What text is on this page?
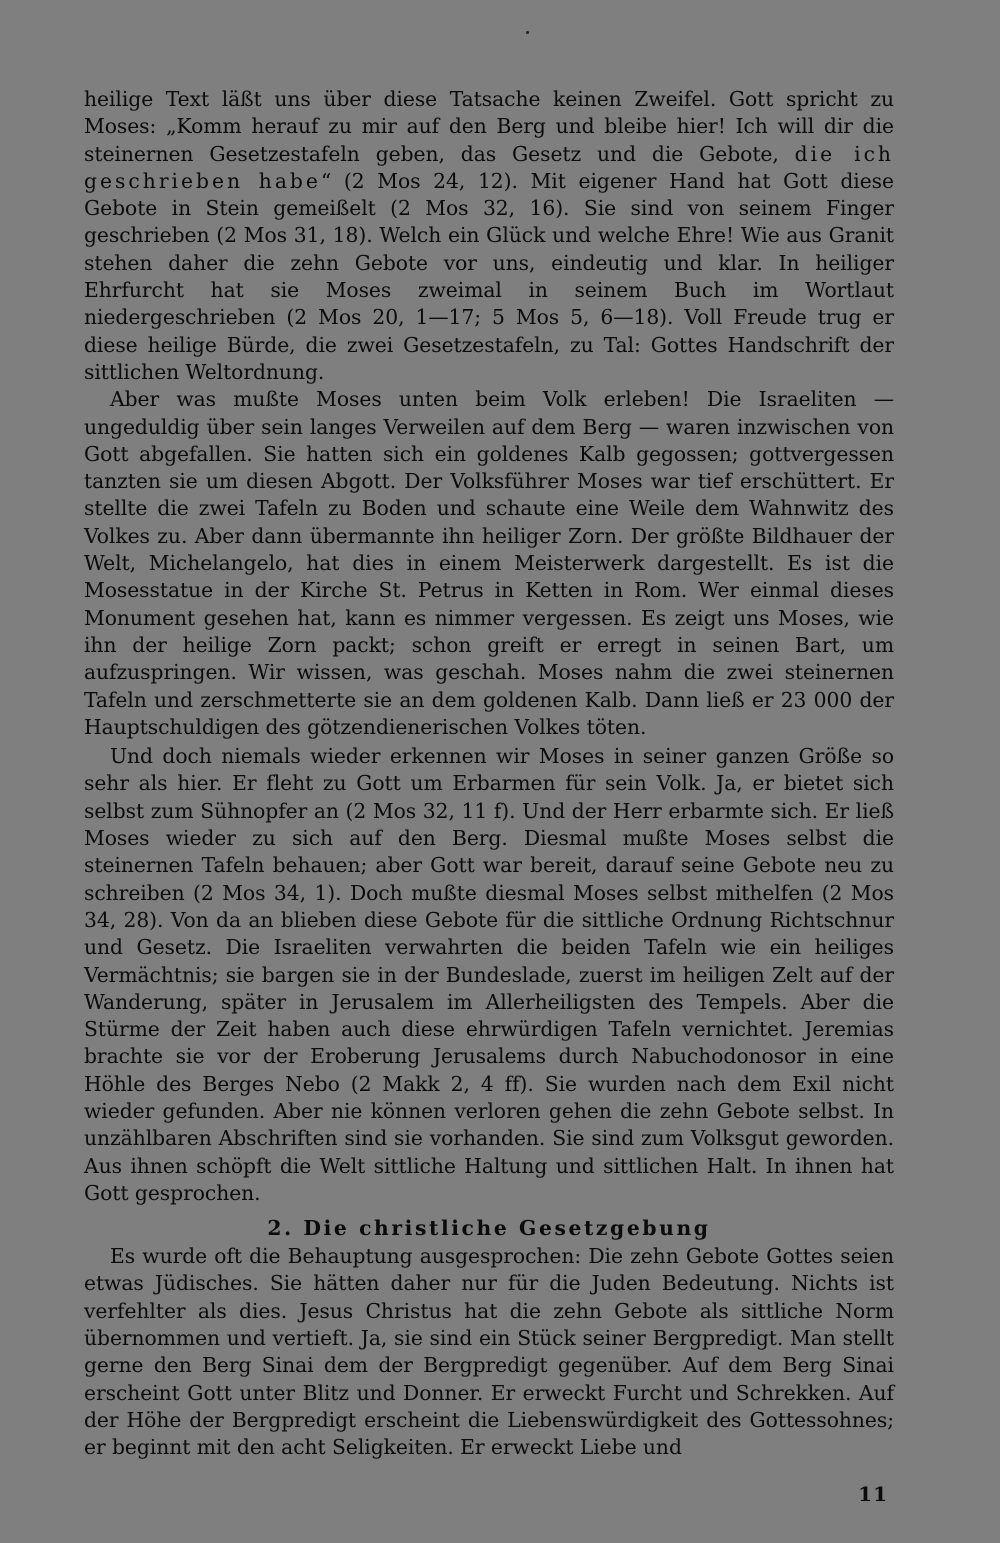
heilige Text läßt uns über diese Tatsache keinen Zweifel. Gott spricht zu Moses: „Komm herauf zu mir auf den Berg und bleibe hier! Ich will dir die steinernen Gesetzestafeln geben, das Gesetz und die Gebote, die ich geschrieben habe“ (2 Mos 24, 12). Mit eigener Hand hat Gott diese Gebote in Stein gemeißelt (2 Mos 32, 16). Sie sind von seinem Finger geschrieben (2 Mos 31, 18). Welch ein Glück und welche Ehre! Wie aus Granit stehen daher die zehn Gebote vor uns, eindeutig und klar. In heiliger Ehrfurcht hat sie Moses zweimal in seinem Buch im Wortlaut niedergeschrieben (2 Mos 20, 1—17; 5 Mos 5, 6—18). Voll Freude trug er diese heilige Bürde, die zwei Gesetzestafeln, zu Tal: Gottes Handschrift der sittlichen Weltordnung.

Aber was mußte Moses unten beim Volk erleben! Die Israeliten — ungeduldig über sein langes Verweilen auf dem Berg — waren inzwischen von Gott abgefallen. Sie hatten sich ein goldenes Kalb gegossen; gottvergessen tanzten sie um diesen Abgott. Der Volksführer Moses war tief erschüttert. Er stellte die zwei Tafeln zu Boden und schaute eine Weile dem Wahnwitz des Volkes zu. Aber dann übermannte ihn heiliger Zorn. Der größte Bildhauer der Welt, Michelangelo, hat dies in einem Meisterwerk dargestellt. Es ist die Mosesstatue in der Kirche St. Petrus in Ketten in Rom. Wer einmal dieses Monument gesehen hat, kann es nimmer vergessen. Es zeigt uns Moses, wie ihn der heilige Zorn packt; schon greift er erregt in seinen Bart, um aufzuspringen. Wir wissen, was geschah. Moses nahm die zwei steinernen Tafeln und zerschmetterte sie an dem goldenen Kalb. Dann ließ er 23 000 der Hauptschuldigen des götzendienerischen Volkes töten.

Und doch niemals wieder erkennen wir Moses in seiner ganzen Größe so sehr als hier. Er fleht zu Gott um Erbarmen für sein Volk. Ja, er bietet sich selbst zum Sühnopfer an (2 Mos 32, 11 f). Und der Herr erbarmte sich. Er ließ Moses wieder zu sich auf den Berg. Diesmal mußte Moses selbst die steinernen Tafeln behauen; aber Gott war bereit, darauf seine Gebote neu zu schreiben (2 Mos 34, 1). Doch mußte diesmal Moses selbst mithelfen (2 Mos 34, 28). Von da an blieben diese Gebote für die sittliche Ordnung Richtschnur und Gesetz. Die Israeliten verwahrten die beiden Tafeln wie ein heiliges Vermächtnis; sie bargen sie in der Bundeslade, zuerst im heiligen Zelt auf der Wanderung, später in Jerusalem im Allerheiligsten des Tempels. Aber die Stürme der Zeit haben auch diese ehrwürdigen Tafeln vernichtet. Jeremias brachte sie vor der Eroberung Jerusalems durch Nabuchodonosor in eine Höhle des Berges Nebo (2 Makk 2, 4 ff). Sie wurden nach dem Exil nicht wieder gefunden. Aber nie können verloren gehen die zehn Gebote selbst. In unzählbaren Abschriften sind sie vorhanden. Sie sind zum Volksgut geworden. Aus ihnen schöpft die Welt sittliche Haltung und sittlichen Halt. In ihnen hat Gott gesprochen.

2. Die christliche Gesetzgebung

Es wurde oft die Behauptung ausgesprochen: Die zehn Gebote Gottes seien etwas Jüdisches. Sie hätten daher nur für die Juden Bedeutung. Nichts ist verfehlter als dies. Jesus Christus hat die zehn Gebote als sittliche Norm übernommen und vertieft. Ja, sie sind ein Stück seiner Bergpredigt. Man stellt gerne den Berg Sinai dem der Bergpredigt gegenüber. Auf dem Berg Sinai erscheint Gott unter Blitz und Donner. Er erweckt Furcht und Schrekken. Auf der Höhe der Bergpredigt erscheint die Liebenswürdigkeit des Gottessohnes; er beginnt mit den acht Seligkeiten. Er erweckt Liebe und

11
